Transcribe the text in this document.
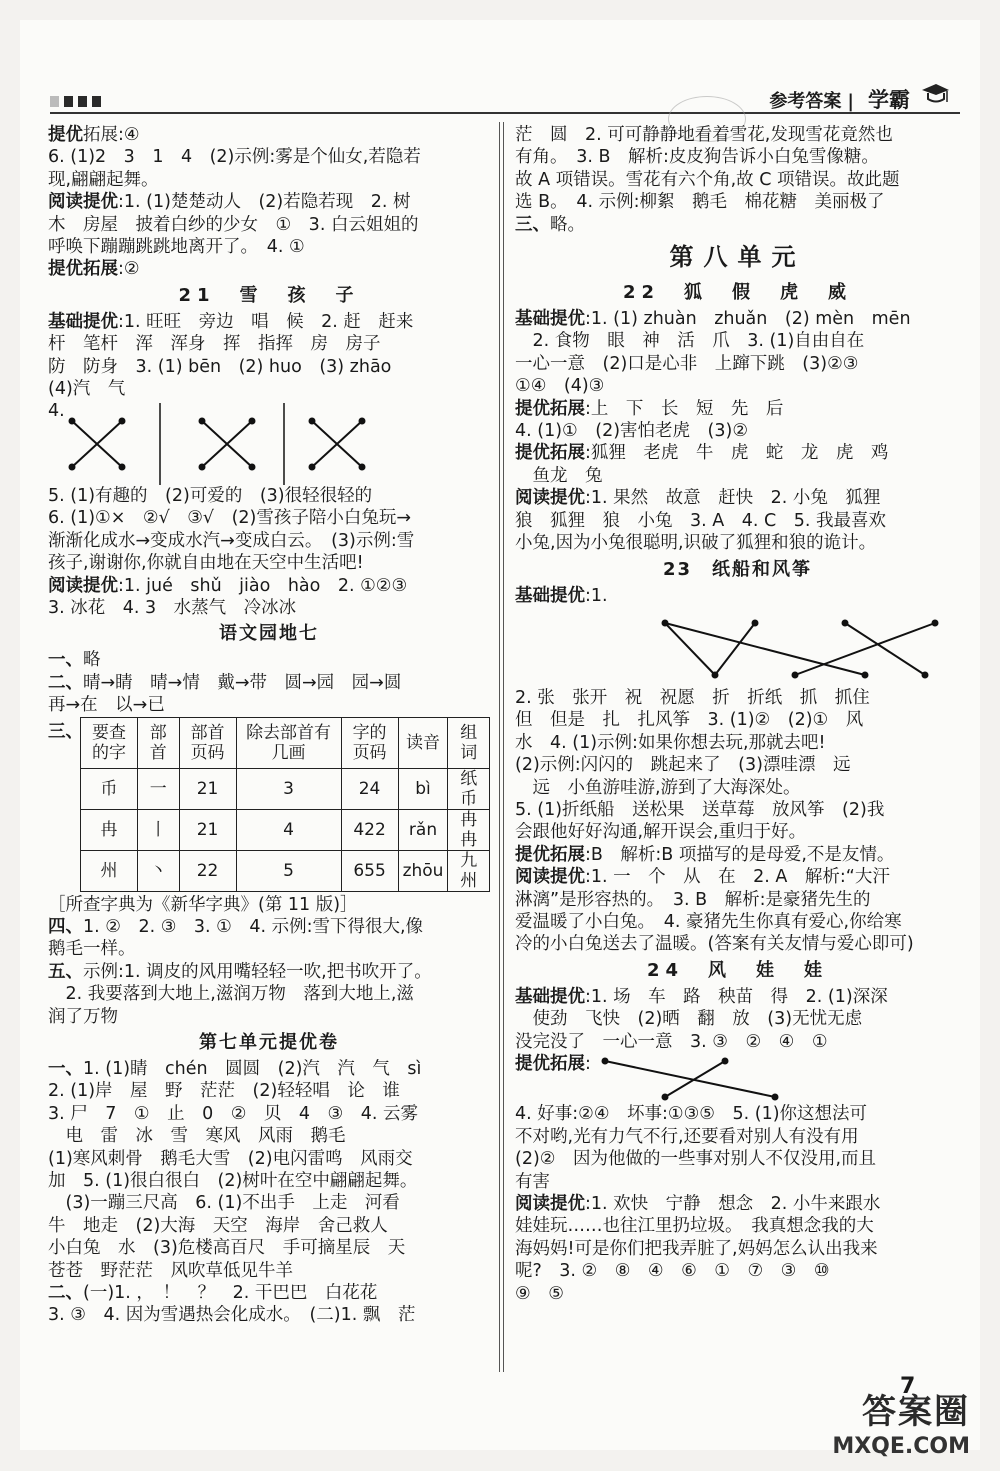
参考答案 | 学霸
提优拓展:④
6. (1)2　3　1　4　(2)示例:雾是个仙女,若隐若
现,翩翩起舞。
阅读提优:1. (1)楚楚动人　(2)若隐若现　2. 树
木　房屋　披着白纱的少女　①　3. 白云姐姐的
呼唤下蹦蹦跳跳地离开了。　4. ①
提优拓展:②
21　雪　孩　子
基础提优:1. 旺旺　旁边　唱　候　2. 赶　赶来
杆　笔杆　浑　浑身　挥　指挥　房　房子
防　防身　3. (1) bēn　(2) huo　(3) zhāo
(4)汽　气
4.
5. (1)有趣的　(2)可爱的　(3)很轻很轻的
6. (1)①×　②√　③√　(2)雪孩子陪小白兔玩→
渐渐化成水→变成水汽→变成白云。　(3)示例:雪
孩子,谢谢你,你就自由地在天空中生活吧!
阅读提优:1. jué　shǔ　jiào　hào　2. ①②③
3. 冰花　4. 3　水蒸气　冷冰冰
语文园地七
一、略
二、晴→睛　晴→情　戴→带　圆→园　园→圆
再→在　以→已
三、 要查的字	部首	部首页码	除去部首有几画	字的页码	读音	组词
币	一	21	3	24	bì	纸币
冉	丨	21	4	422	rǎn	冉冉
州	丶	22	5	655	zhōu	九州
［所查字典为《新华字典》(第 11 版)］
四、1. ②　2. ③　3. ①　4. 示例:雪下得很大,像
鹅毛一样。
五、示例:1. 调皮的风用嘴轻轻一吹,把书吹开了。
　2. 我要落到大地上,滋润万物　落到大地上,滋
润了万物
第七单元提优卷
一、1. (1)睛　chén　圆圆　(2)汽　汽　气　sì
2. (1)岸　屋　野　茫茫　(2)轻轻唱　论　谁
3. 尸　7　①　止　0　②　贝　4　③　4. 云雾
　电　雷　冰　雪　寒风　风雨　鹅毛
(1)寒风刺骨　鹅毛大雪　(2)电闪雷鸣　风雨交
加　5. (1)很白很白　(2)树叶在空中翩翩起舞。
　(3)一蹦三尺高　6. (1)不出手　上走　河看
牛　地走　(2)大海　天空　海岸　舍己救人
小白兔　水　(3)危楼高百尺　手可摘星辰　天
苍苍　野茫茫　风吹草低见牛羊
二、(一)1. ，　！　？　2. 干巴巴　白花花
3. ③　4. 因为雪遇热会化成水。　(二)1. 飘　茫
茫　圆　2. 可可静静地看着雪花,发现雪花竟然也
有角。　3. B　解析:皮皮狗告诉小白兔雪像糖。
故 A 项错误。雪花有六个角,故 C 项错误。故此题
选 B。　4. 示例:柳絮　鹅毛　棉花糖　美丽极了
三、略。
第八单元
22　狐　假　虎　威
基础提优:1. (1) zhuàn　zhuǎn　(2) mèn　mēn
　2. 食物　眼　神　活　爪　3. (1)自由自在
一心一意　(2)口是心非　上蹿下跳　(3)②③
①④　(4)③
提优拓展:上　下　长　短　先　后
4. (1)①　(2)害怕老虎　(3)②
提优拓展:狐狸　老虎　牛　虎　蛇　龙　虎　鸡
　鱼龙　兔
阅读提优:1. 果然　故意　赶快　2. 小兔　狐狸
狼　狐狸　狼　小兔　3. A　4. C　5. 我最喜欢
小兔,因为小兔很聪明,识破了狐狸和狼的诡计。
23　纸船和风筝
基础提优:1.
2. 张　张开　祝　祝愿　折　折纸　抓　抓住
但　但是　扎　扎风筝　3. (1)②　(2)①　风
水　4. (1)示例:如果你想去玩,那就去吧!
(2)示例:闪闪的　跳起来了　(3)漂哇漂　远
　远　小鱼游哇游,游到了大海深处。
5. (1)折纸船　送松果　送草莓　放风筝　(2)我
会跟他好好沟通,解开误会,重归于好。
提优拓展:B　解析:B 项描写的是母爱,不是友情。
阅读提优:1. 一　个　从　在　2. A　解析:“大汗
淋漓”是形容热的。　3. B　解析:是豪猪先生的
爱温暖了小白兔。　4. 豪猪先生你真有爱心,你给寒
冷的小白兔送去了温暖。(答案有关友情与爱心即可)
24　风　娃　娃
基础提优:1. 场　车　路　秧苗　得　2. (1)深深
　使劲　飞快　(2)晒　翻　放　(3)无忧无虑
没完没了　一心一意　3. ③　②　④　①
提优拓展:
4. 好事:②④　坏事:①③⑤　5. (1)你这想法可
不对哟,光有力气不行,还要看对别人有没有用
(2)②　因为他做的一些事对别人不仅没用,而且
有害
阅读提优:1. 欢快　宁静　想念　2. 小牛来跟水
娃娃玩……也往江里扔垃圾。　我真想念我的大
海妈妈!可是你们把我弄脏了,妈妈怎么认出我来
呢?　3. ②　⑧　④　⑥　①　⑦　③　⑩
⑨　⑤
7
答案圈
MXQE.COM
